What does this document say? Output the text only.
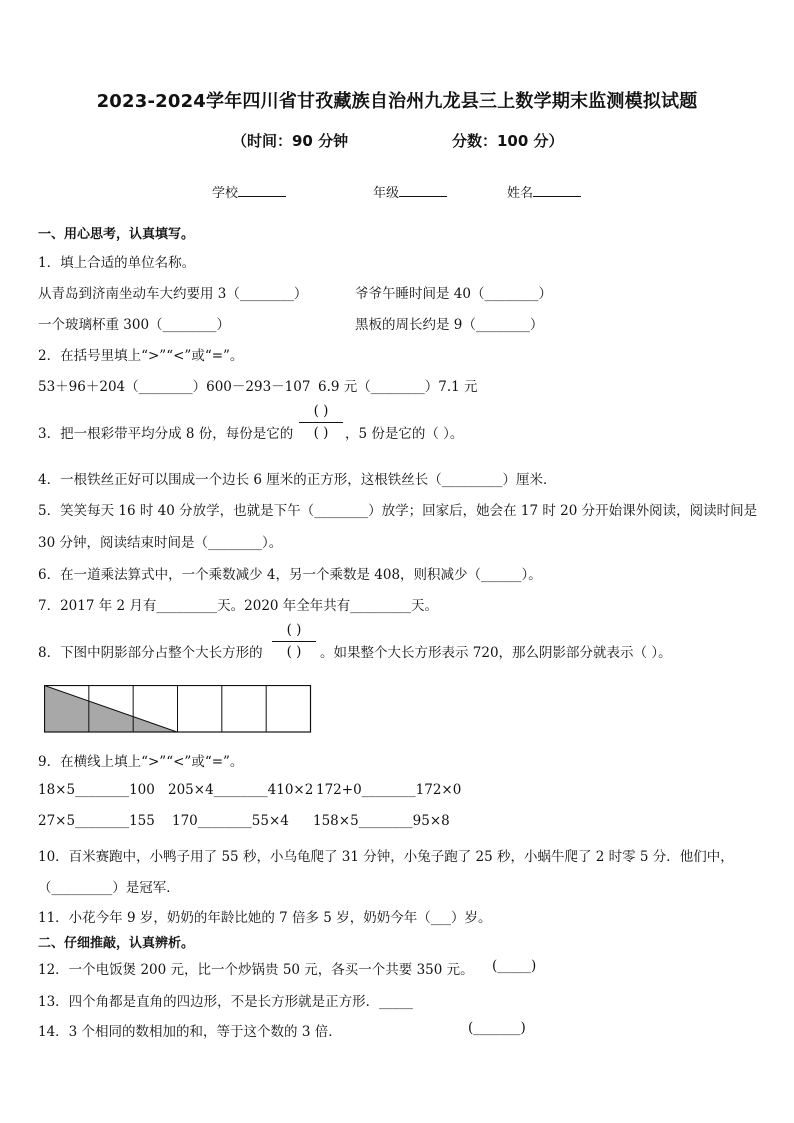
2023-2024学年四川省甘孜藏族自治州九龙县三上数学期末监测模拟试题
（时间：90 分钟	分数：100 分）
学校	年级	姓名
一、用心思考，认真填写。
1．填上合适的单位名称。
从青岛到济南坐动车大约要用 3（________）	爷爷午睡时间是 40（________）
一个玻璃杯重 300（________）	黑板的周长约是 9（________）
2．在括号里填上“>”“<”或“=”。
53＋96＋204（________）600－293－107 6.9 元（________）7.1 元
3．把一根彩带平均分成 8 份，每份是它的
( )
( ) ，5 份是它的（ ）。
4．一根铁丝正好可以围成一个边长 6 厘米的正方形，这根铁丝长（_________）厘米．
5．笑笑每天 16 时 40 分放学，也就是下午（________）放学；回家后，她会在 17 时 20 分开始课外阅读，阅读时间是
30 分钟，阅读结束时间是（________）。
6．在一道乘法算式中，一个乘数减少 4，另一个乘数是 408，则积减少（______）。
7．2017 年 2 月有_________天。2020 年全年共有_________天。
8．下图中阴影部分占整个大长方形的
( )
( ) 。如果整个大长方形表示 720，那么阴影部分就表示（ ）。
9．在横线上填上“>”“<”或“=”。
18×5________100 205×4________410×2 172+0________172×0
27×5________155 170________55×4 158×5________95×8
10．百米赛跑中，小鸭子用了 55 秒，小乌龟爬了 31 分钟，小兔子跑了 25 秒，小蜗牛爬了 2 时零 5 分．他们中，
（_________）是冠军．
11．小花今年 9 岁，奶奶的年龄比她的 7 倍多 5 岁，奶奶今年（___）岁。
二、仔细推敲，认真辨析。
12．一个电饭煲 200 元，比一个炒锅贵 50 元，各买一个共要 350 元。 (_____)
13．四个角都是直角的四边形，不是长方形就是正方形．_____
14．3 个相同的数相加的和，等于这个数的 3 倍．	(_______)
